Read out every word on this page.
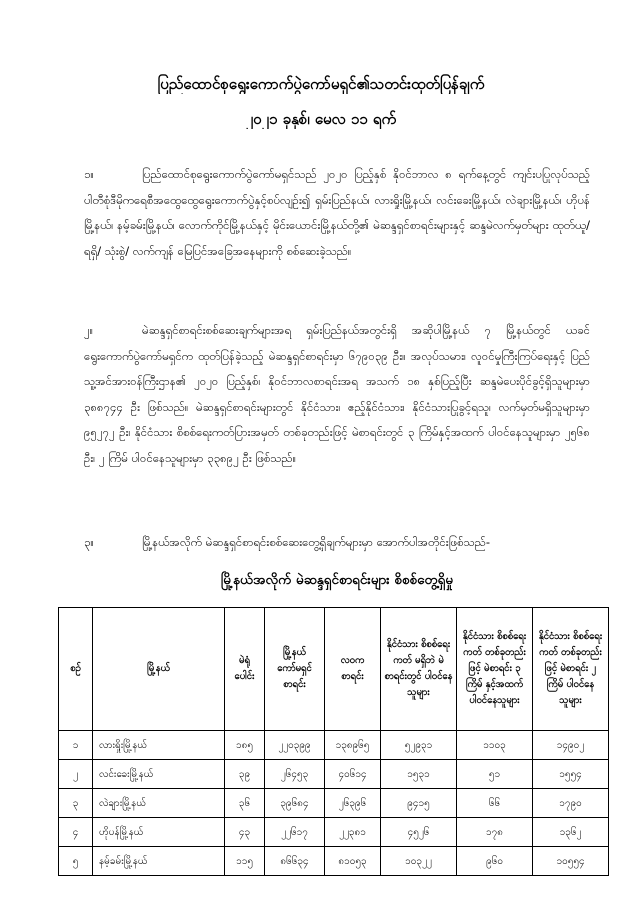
ပြည်ထောင်စုရွေးကောက်ပွဲကော်မရှင်၏သတင်းထုတ်ပြန်ချက်
၂၀၂၁ ခုနှစ်၊ မေလ ၁၁ ရက်
၁။	ပြည်ထောင်စုရွေးကောက်ပွဲကော်မရှင်သည် ၂၀၂၀ ပြည့်နှစ် နိုဝင်ဘာလ ၈ ရက်နေ့တွင် ကျင်းပပြုလုပ်သည့် ပါတီစုံဒီမိုကရေစီအထွေထွေရွေးကောက်ပွဲနှင့်စပ်လျဉ်း၍ ရှမ်းပြည်နယ်၊ လားရှိုးမြို့နယ်၊ လင်းခေးမြို့နယ်၊ လဲချားမြို့နယ်၊ ဟိုပန်မြို့နယ်၊ နမ့်ခမ်းမြို့နယ်၊ လောက်ကိုင်မြို့နယ်နှင့် မိုင်းယောင်းမြို့နယ်တို့၏ မဲဆန္ဒရှင်စာရင်းများနှင့် ဆန္ဒမဲလက်မှတ်များ ထုတ်ယူ/ ရရှိ/ သုံးစွဲ/ လက်ကျန် မြေပြင်အခြေအနေများကို စစ်ဆေးခဲ့သည်။
၂။	မဲဆန္ဒရှင်စာရင်းစစ်ဆေးချက်များအရ ရှမ်းပြည်နယ်အတွင်းရှိ အဆိုပါမြို့နယ် ၇ မြို့နယ်တွင် ယခင် ရွေးကောက်ပွဲကော်မရှင်က ထုတ်ပြန်ခဲ့သည့် မဲဆန္ဒရှင်စာရင်းမှာ ၆၇၉၀၃၉ ဦး။ အလုပ်သမား၊ လူဝင်မှုကြီးကြပ်ရေးနှင့် ပြည်သူ့အင်အားဝန်ကြီးဌာန၏ ၂၀၂၀ ပြည့်နှစ်၊ နိုဝင်ဘာလစာရင်းအရ အသက် ၁၈ နှစ်ပြည့်ပြီး ဆန္ဒမဲပေးပိုင်ခွင့်ရှိသူများမှာ ၃၈၈၇၄၄ ဦး ဖြစ်သည်။ မဲဆန္ဒရှင်စာရင်းများတွင် နိုင်ငံသား၊ ဧည့်နိုင်ငံသား၊ နိုင်ငံသားပြုခွင့်ရသူ၊ လက်မှတ်မရှိသူများမှာ ၉၅၂၇၂ ဦး၊ နိုင်ငံသား စိစစ်ရေးကတ်ပြားအမှတ် တစ်ခုတည်းဖြင့် မဲစာရင်းတွင် ၃ ကြိမ်နှင့်အထက် ပါဝင်နေသူများမှာ ၂၅၆၈ ဦး၊ ၂ ကြိမ် ပါဝင်နေသူများမှာ ၃၃၈၉၂ ဦး ဖြစ်သည်။
၃။	မြို့နယ်အလိုက် မဲဆန္ဒရှင်စာရင်းစစ်ဆေးတွေ့ရှိချက်များမှာ အောက်ပါအတိုင်းဖြစ်သည်-
မြို့နယ်အလိုက် မဲဆန္ဒရှင်စာရင်းများ စိစစ်တွေ့ရှိမှု
စဉ်	မြို့နယ်	မဲရုံ ပေါင်း	မြို့နယ် ကော်မရှင် စာရင်း	လဝက စာရင်း	နိုင်ငံသား စိစစ်ရေးကတ် မရှိဘဲ မဲစာရင်းတွင် ပါဝင်နေသူများ	နိုင်ငံသား စိစစ်ရေးကတ် တစ်ခုတည်းဖြင့် မဲစာရင်း ၃ ကြိမ် နှင့်အထက် ပါဝင်နေသူများ	နိုင်ငံသား စိစစ်ရေးကတ် တစ်ခုတည်းဖြင့် မဲစာရင်း ၂ ကြိမ် ပါဝင်နေသူများ
၁	လားရှိုးမြို့နယ်	၁၈၅	၂၂၀၃၉၉	၁၃၈၉၆၅	၅၂၉၃၁	၁၁၀၃	၁၄၉၀၂
၂	လင်းခေးမြို့နယ်	၃၉	၂၆၄၅၃	၄၀၆၁၄	၁၅၃၁	၅၁	၁၅၅၄
၃	လဲချားမြို့နယ်	၃၆	၃၉၆၈၄	၂၆၃၉၆	၉၄၁၅	၆၆	၁၇၉၀
၄	ဟိုပန်မြို့နယ်	၄၃	၂၂၆၁၇	၂၂၃၈၁	၄၅၂၆	၁၇၈	၁၃၆၂
၅	နမ့်ခမ်းမြို့နယ်	၁၁၅	၈၆၆၃၄	၈၁၀၅၃	၁၀၃၂၂	၉၆၀	၁၀၅၅၄
